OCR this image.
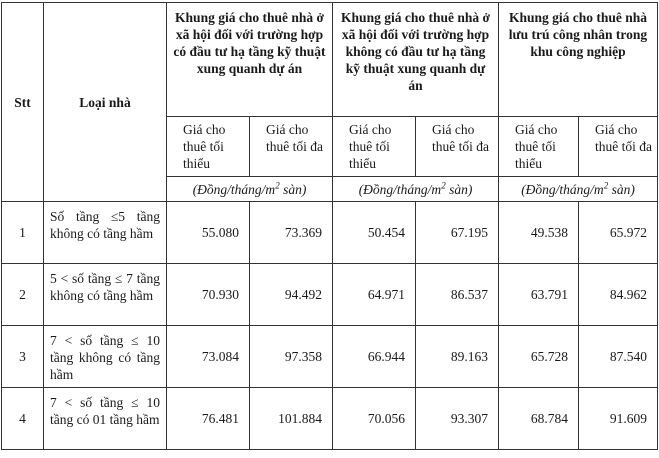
Stt	Loại nhà	Khung giá cho thuê nhà ở xã hội đối với trường hợp có đầu tư hạ tầng kỹ thuật xung quanh dự án		Khung giá cho thuê nhà ở xã hội đối với trường hợp không có đầu tư hạ tầng kỹ thuật xung quanh dự án		Khung giá cho thuê nhà lưu trú công nhân trong khu công nghiệp	
		Giá cho thuê tối thiểu	Giá cho thuê tối đa	Giá cho thuê tối thiểu	Giá cho thuê tối đa	Giá cho thuê tối thiểu	Giá cho thuê tối đa
		($Đồng/tháng/m^2$ sàn)		($Đồng/tháng/m^2$ sàn)		($Đồng/tháng/m^2$ sàn)	
1	Số tầng ≤5 tầng không có tầng hầm	55.080	73.369	50.454	67.195	49.538	65.972
2	5 < số tầng ≤ 7 tầng không có tầng hầm	70.930	94.492	64.971	86.537	63.791	84.962
3	7 < số tầng ≤ 10 tầng không có tầng hầm	73.084	97.358	66.944	89.163	65.728	87.540
4	7 < số tầng ≤ 10 tầng có 01 tầng hầm	76.481	101.884	70.056	93.307	68.784	91.609
